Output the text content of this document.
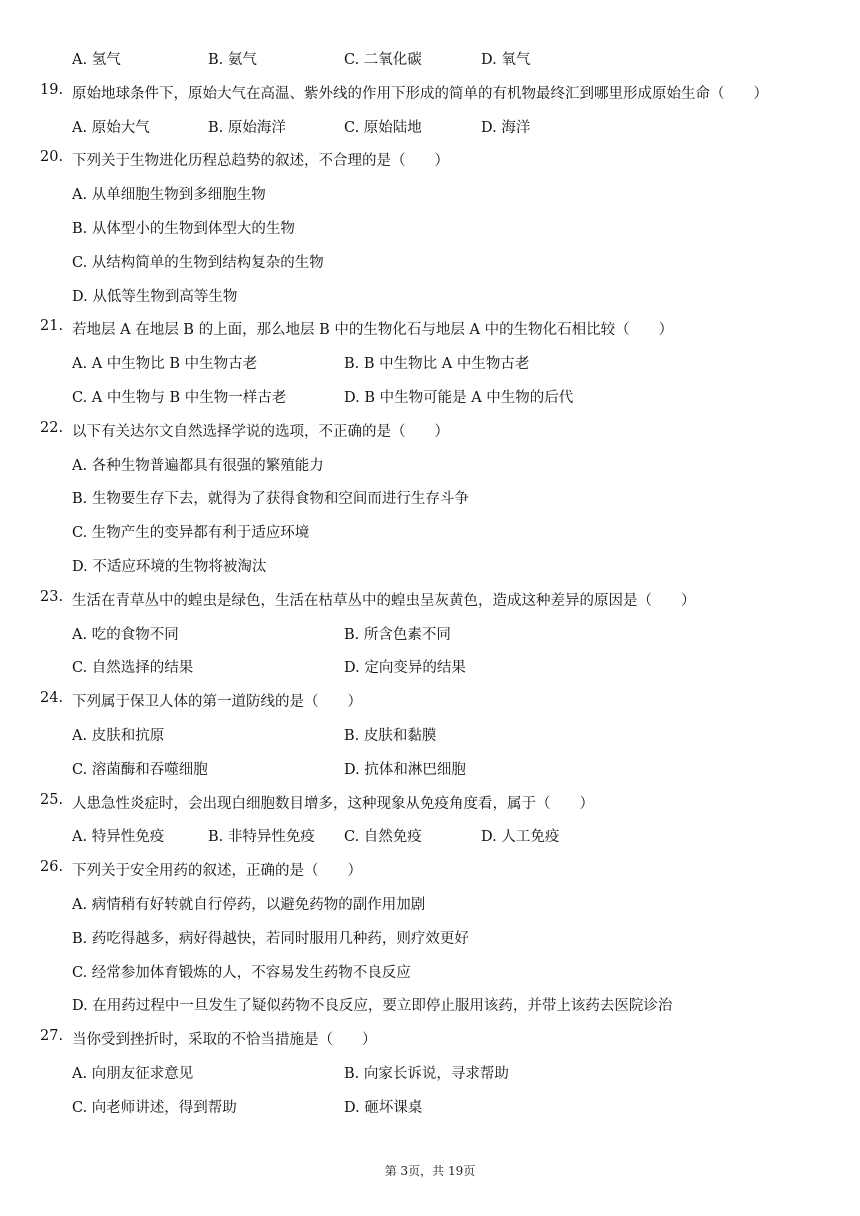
A. 氢气	B. 氨气	C. 二氧化碳	D. 氧气
19. 原始地球条件下，原始大气在高温、紫外线的作用下形成的简单的有机物最终汇到哪里形成原始生命（　　）
A. 原始大气	B. 原始海洋	C. 原始陆地	D. 海洋
20. 下列关于生物进化历程总趋势的叙述，不合理的是（　　）
A. 从单细胞生物到多细胞生物
B. 从体型小的生物到体型大的生物
C. 从结构简单的生物到结构复杂的生物
D. 从低等生物到高等生物
21. 若地层 A 在地层 B 的上面，那么地层 B 中的生物化石与地层 A 中的生物化石相比较（　　）
A. A 中生物比 B 中生物古老	B. B 中生物比 A 中生物古老
C. A 中生物与 B 中生物一样古老	D. B 中生物可能是 A 中生物的后代
22. 以下有关达尔文自然选择学说的选项，不正确的是（　　）
A. 各种生物普遍都具有很强的繁殖能力
B. 生物要生存下去，就得为了获得食物和空间而进行生存斗争
C. 生物产生的变异都有利于适应环境
D. 不适应环境的生物将被淘汰
23. 生活在青草丛中的蝗虫是绿色，生活在枯草丛中的蝗虫呈灰黄色，造成这种差异的原因是（　　）
A. 吃的食物不同	B. 所含色素不同
C. 自然选择的结果	D. 定向变异的结果
24. 下列属于保卫人体的第一道防线的是（　　）
A. 皮肤和抗原	B. 皮肤和黏膜
C. 溶菌酶和吞噬细胞	D. 抗体和淋巴细胞
25. 人患急性炎症时，会出现白细胞数目增多，这种现象从免疫角度看，属于（　　）
A. 特异性免疫	B. 非特异性免疫 C. 自然免疫	D. 人工免疫
26. 下列关于安全用药的叙述，正确的是（　　）
A. 病情稍有好转就自行停药，以避免药物的副作用加剧
B. 药吃得越多，病好得越快，若同时服用几种药，则疗效更好
C. 经常参加体育锻炼的人，不容易发生药物不良反应
D. 在用药过程中一旦发生了疑似药物不良反应，要立即停止服用该药，并带上该药去医院诊治
27. 当你受到挫折时，采取的不恰当措施是（　　）
A. 向朋友征求意见	B. 向家长诉说，寻求帮助
C. 向老师讲述，得到帮助	D. 砸坏课桌
第 3页，共 19页
